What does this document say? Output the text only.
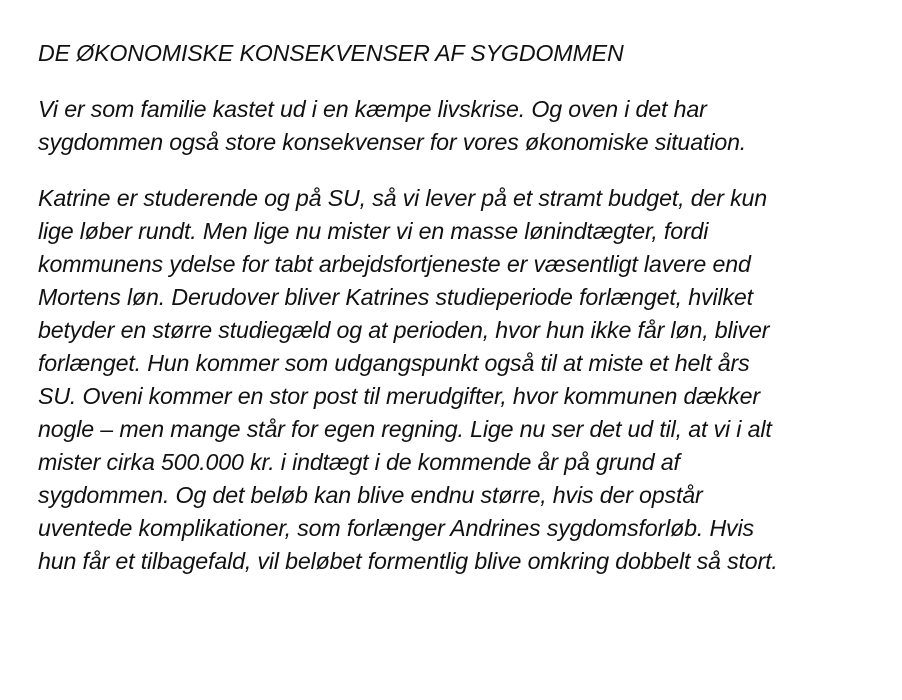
DE ØKONOMISKE KONSEKVENSER AF SYGDOMMEN

Vi er som familie kastet ud i en kæmpe livskrise. Og oven i det har
sygdommen også store konsekvenser for vores økonomiske situation.

Katrine er studerende og på SU, så vi lever på et stramt budget, der kun
lige løber rundt. Men lige nu mister vi en masse lønindtægter, fordi
kommunens ydelse for tabt arbejdsfortjeneste er væsentligt lavere end
Mortens løn. Derudover bliver Katrines studieperiode forlænget, hvilket
betyder en større studiegæld og at perioden, hvor hun ikke får løn, bliver
forlænget. Hun kommer som udgangspunkt også til at miste et helt års
SU. Oveni kommer en stor post til merudgifter, hvor kommunen dækker
nogle – men mange står for egen regning. Lige nu ser det ud til, at vi i alt
mister cirka 500.000 kr. i indtægt i de kommende år på grund af
sygdommen. Og det beløb kan blive endnu større, hvis der opstår
uventede komplikationer, som forlænger Andrines sygdomsforløb. Hvis
hun får et tilbagefald, vil beløbet formentlig blive omkring dobbelt så stort.
